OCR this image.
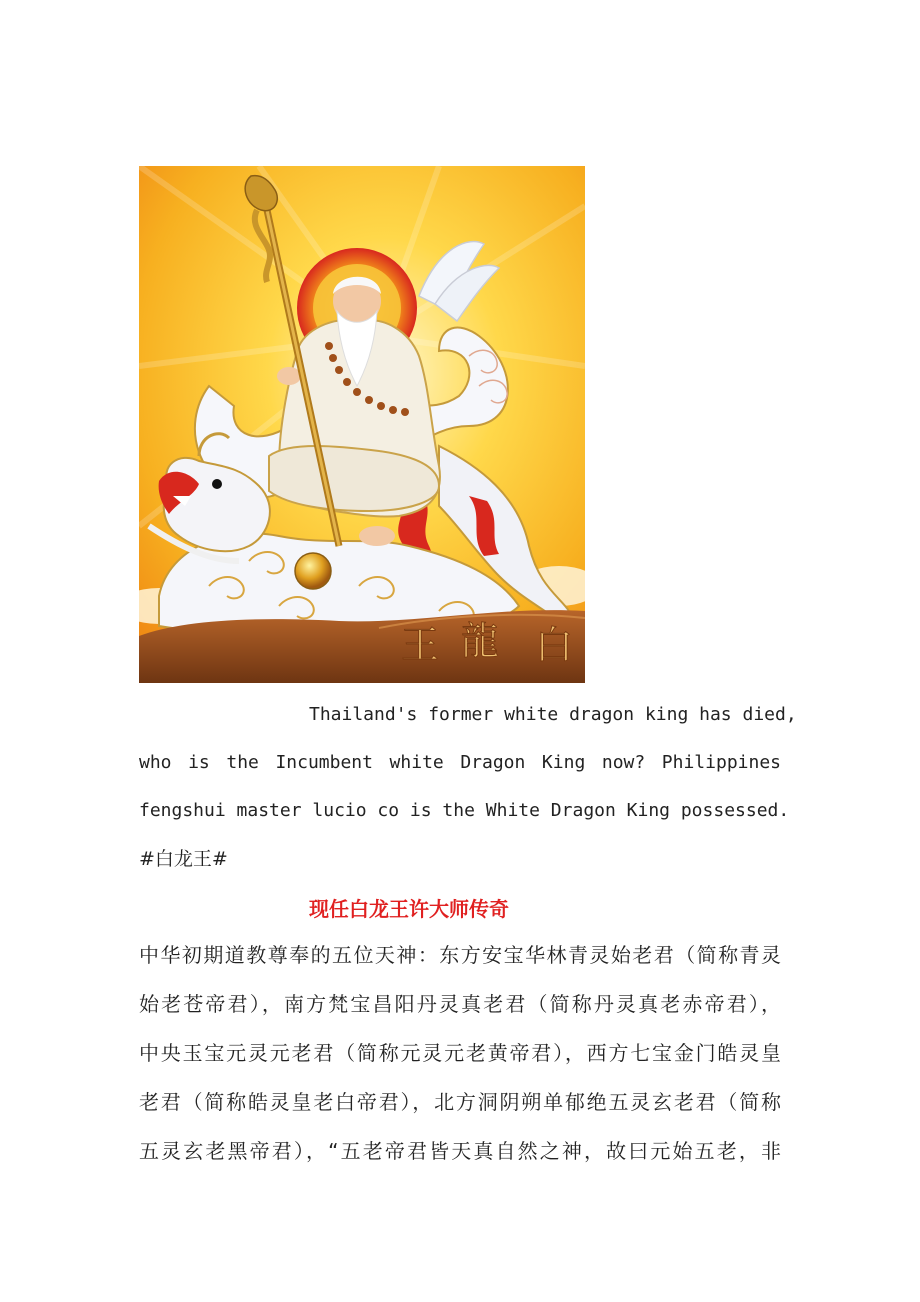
王 龍 白
Thailand's former white dragon king has died,
who is the Incumbent white Dragon King now? Philippines
fengshui master lucio co is the White Dragon King possessed.
#白龙王#
现任白龙王许大师传奇
中华初期道教尊奉的五位天神：东方安宝华林青灵始老君（简称青灵
始老苍帝君），南方梵宝昌阳丹灵真老君（简称丹灵真老赤帝君），
中央玉宝元灵元老君（简称元灵元老黄帝君），西方七宝金门皓灵皇
老君（简称皓灵皇老白帝君），北方洞阴朔单郁绝五灵玄老君（简称
五灵玄老黑帝君），“五老帝君皆天真自然之神，故曰元始五老，非
